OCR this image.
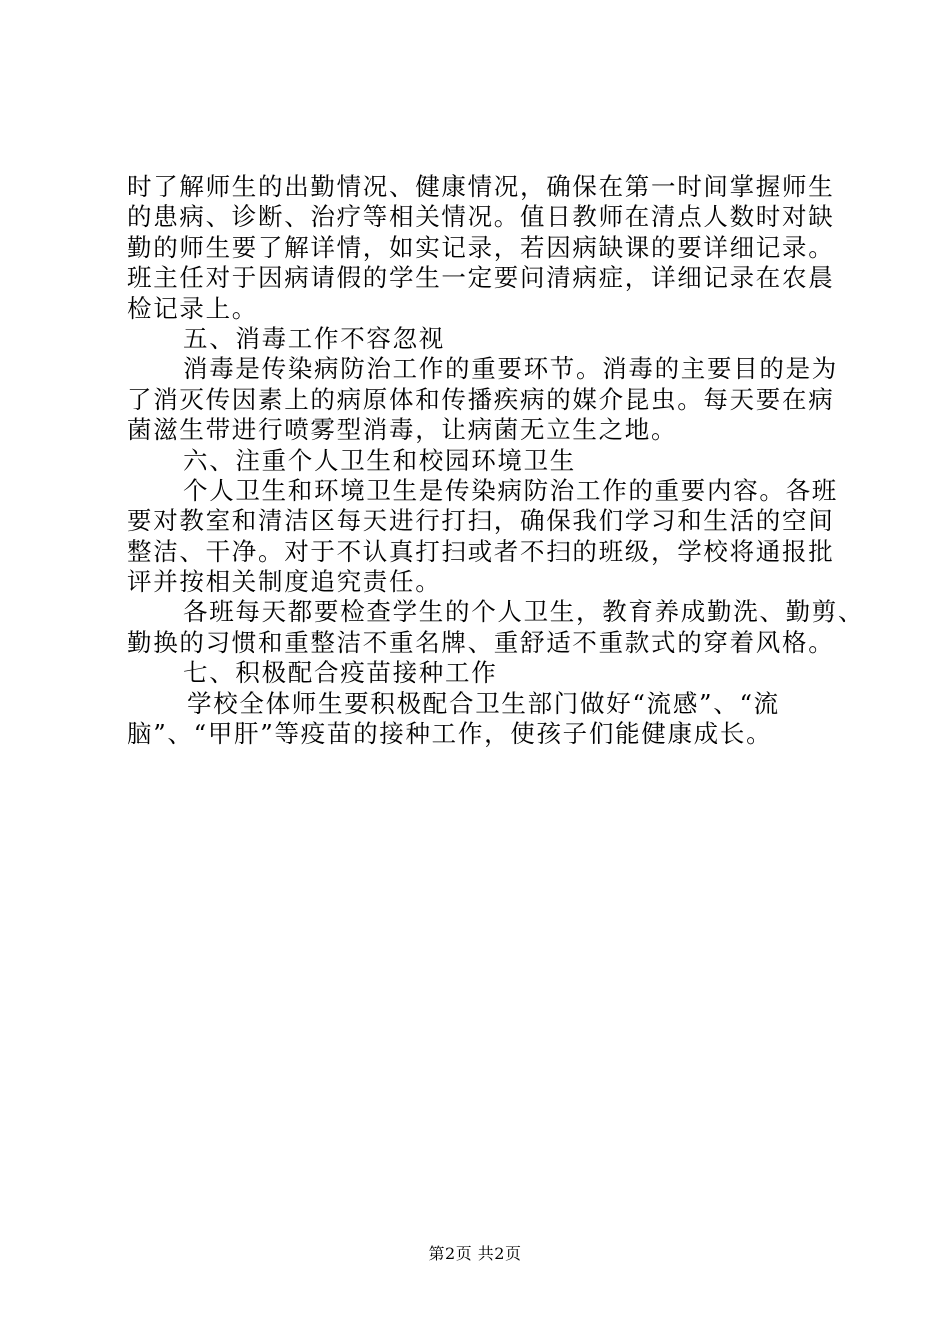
时了解师生的出勤情况、健康情况，确保在第一时间掌握师生
的患病、诊断、治疗等相关情况。值日教师在清点人数时对缺
勤的师生要了解详情，如实记录，若因病缺课的要详细记录。
班主任对于因病请假的学生一定要问清病症，详细记录在农晨
检记录上。
五、消毒工作不容忽视
消毒是传染病防治工作的重要环节。消毒的主要目的是为
了消灭传因素上的病原体和传播疾病的媒介昆虫。每天要在病
菌滋生带进行喷雾型消毒，让病菌无立生之地。
六、注重个人卫生和校园环境卫生
个人卫生和环境卫生是传染病防治工作的重要内容。各班
要对教室和清洁区每天进行打扫，确保我们学习和生活的空间
整洁、干净。对于不认真打扫或者不扫的班级，学校将通报批
评并按相关制度追究责任。
各班每天都要检查学生的个人卫生，教育养成勤洗、勤剪、
勤换的习惯和重整洁不重名牌、重舒适不重款式的穿着风格。
七、积极配合疫苗接种工作
学校全体师生要积极配合卫生部门做好“流感”、“流
脑”、“甲肝”等疫苗的接种工作，使孩子们能健康成长。
第2页 共2页
